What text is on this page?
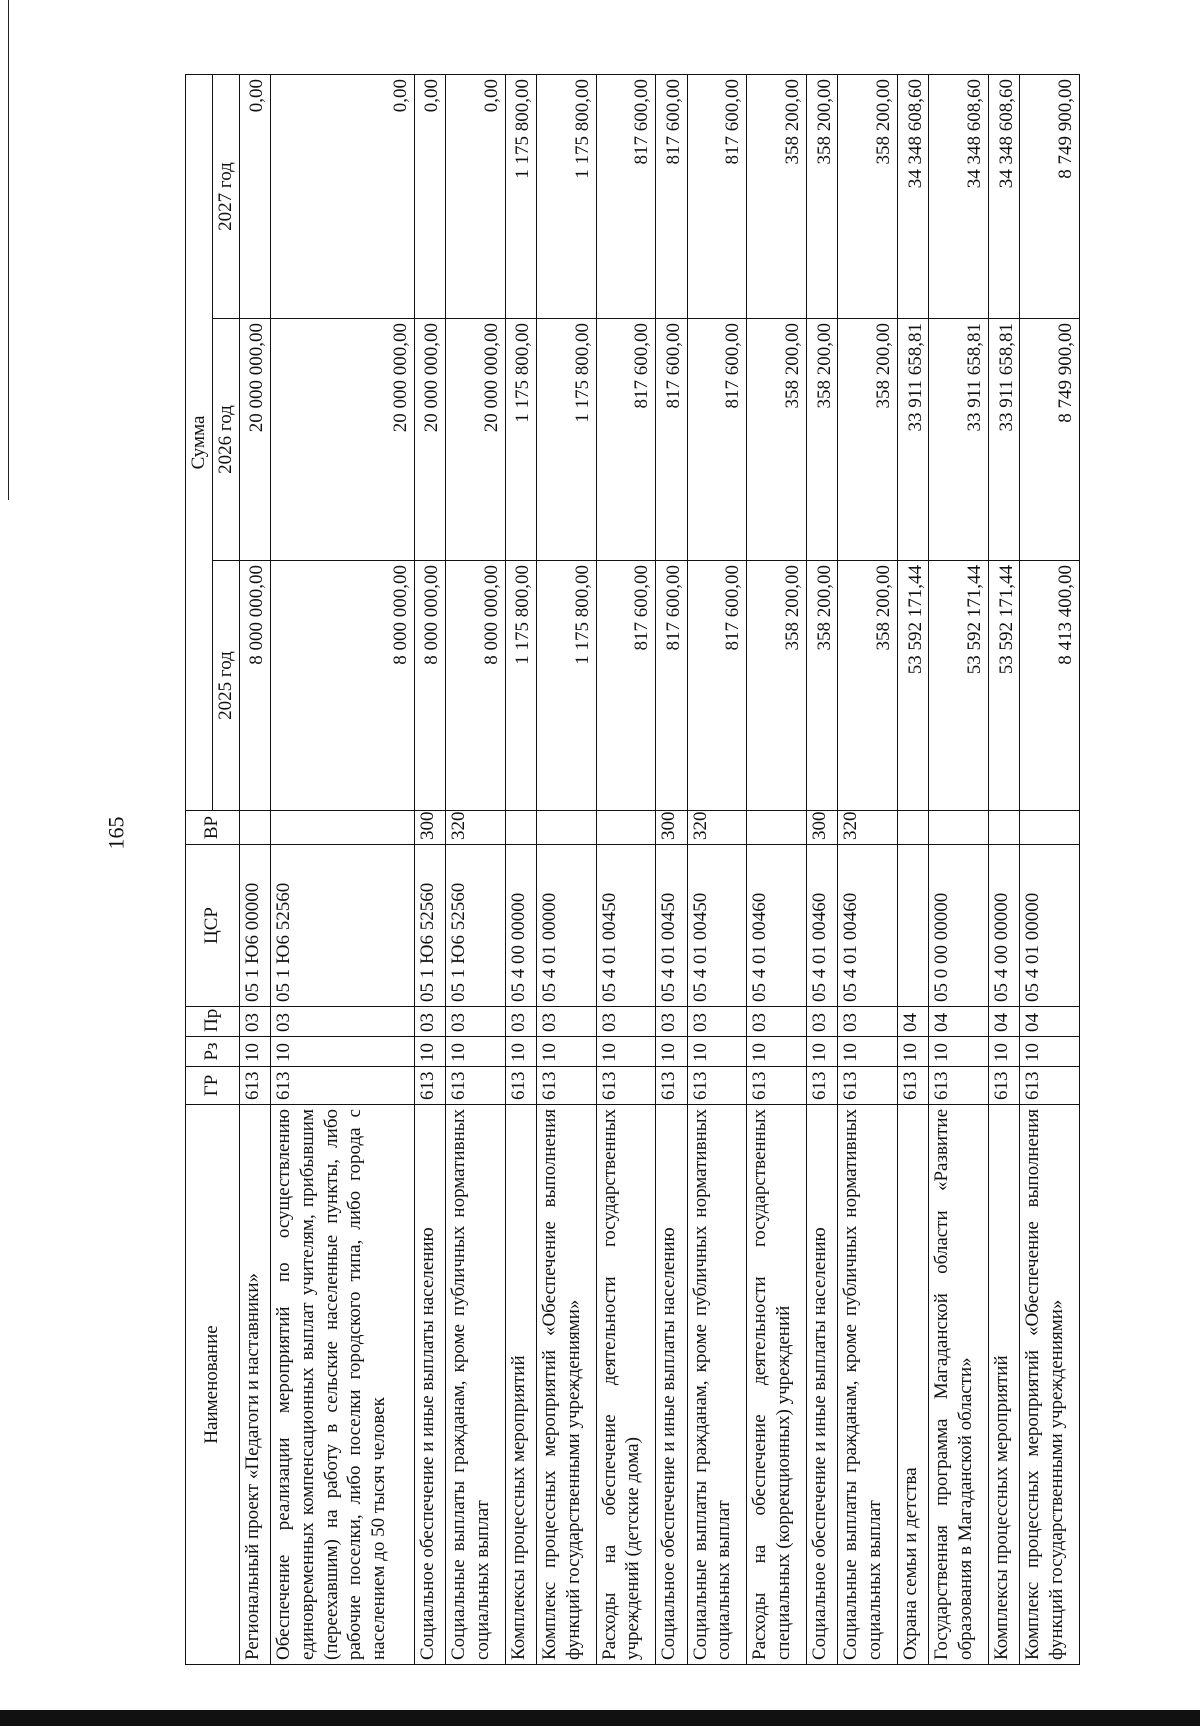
165
Наименование	ГР	Рз	Пр	ЦСР	ВР	Сумма		
						2025 год	2026 год	2027 год
Региональный проект «Педагоги и наставники»	613	10	03	05 1 Ю6 00000		8 000 000,00	20 000 000,00	0,00
Обеспечение реализации мероприятий по осуществлению единовременных компенсационных выплат учителям, прибывшим (переехавшим) на работу в сельские населенные пункты, либо рабочие поселки, либо поселки городского типа, либо города с населением до 50 тысяч человек	613	10	03	05 1 Ю6 52560		8 000 000,00	20 000 000,00	0,00
Социальное обеспечение и иные выплаты населению	613	10	03	05 1 Ю6 52560	300	8 000 000,00	20 000 000,00	0,00
Социальные выплаты гражданам, кроме публичных нормативных социальных выплат	613	10	03	05 1 Ю6 52560	320	8 000 000,00	20 000 000,00	0,00
Комплексы процессных мероприятий	613	10	03	05 4 00 00000		1 175 800,00	1 175 800,00	1 175 800,00
Комплекс процессных мероприятий «Обеспечение выполнения функций государственными учреждениями»	613	10	03	05 4 01 00000		1 175 800,00	1 175 800,00	1 175 800,00
Расходы на обеспечение деятельности государственных учреждений (детские дома)	613	10	03	05 4 01 00450		817 600,00	817 600,00	817 600,00
Социальное обеспечение и иные выплаты населению	613	10	03	05 4 01 00450	300	817 600,00	817 600,00	817 600,00
Социальные выплаты гражданам, кроме публичных нормативных социальных выплат	613	10	03	05 4 01 00450	320	817 600,00	817 600,00	817 600,00
Расходы на обеспечение деятельности государственных специальных (коррекционных) учреждений	613	10	03	05 4 01 00460		358 200,00	358 200,00	358 200,00
Социальное обеспечение и иные выплаты населению	613	10	03	05 4 01 00460	300	358 200,00	358 200,00	358 200,00
Социальные выплаты гражданам, кроме публичных нормативных социальных выплат	613	10	03	05 4 01 00460	320	358 200,00	358 200,00	358 200,00
Охрана семьи и детства	613	10	04			53 592 171,44	33 911 658,81	34 348 608,60
Государственная программа Магаданской области «Развитие образования в Магаданской области»	613	10	04	05 0 00 00000		53 592 171,44	33 911 658,81	34 348 608,60
Комплексы процессных мероприятий	613	10	04	05 4 00 00000		53 592 171,44	33 911 658,81	34 348 608,60
Комплекс процессных мероприятий «Обеспечение выполнения функций государственными учреждениями»	613	10	04	05 4 01 00000		8 413 400,00	8 749 900,00	8 749 900,00
